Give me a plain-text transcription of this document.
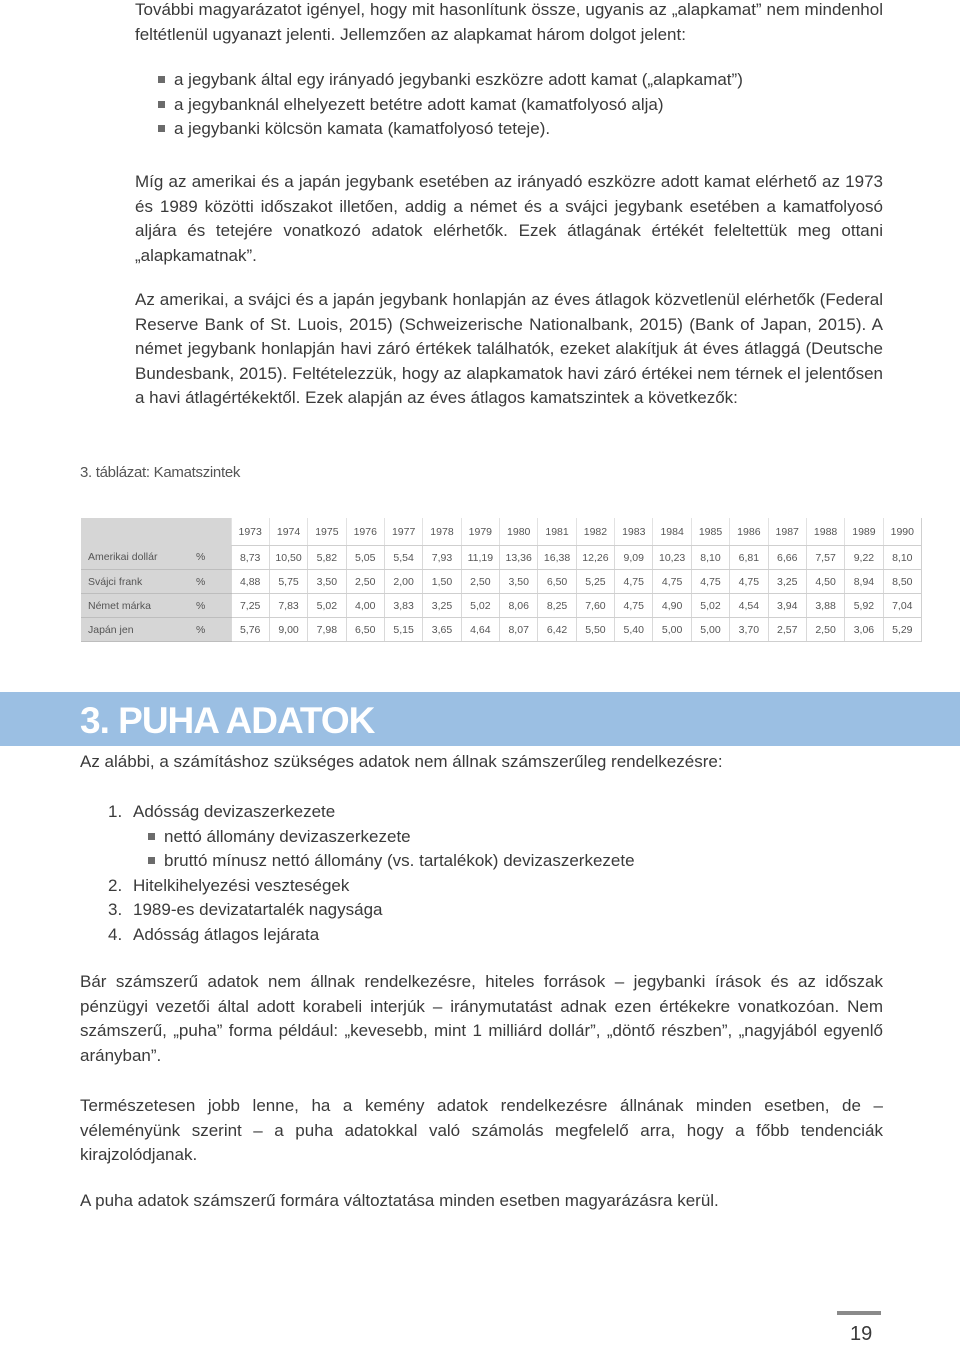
További magyarázatot igényel, hogy mit hasonlítunk össze, ugyanis az „alapkamat” nem mindenhol feltétlenül ugyanazt jelenti. Jellemzően az alapkamat három dolgot jelent:

a jegybank által egy irányadó jegybanki eszközre adott kamat („alapkamat”)
a jegybanknál elhelyezett betétre adott kamat (kamatfolyosó alja)
a jegybanki kölcsön kamata (kamatfolyosó teteje).

Míg az amerikai és a japán jegybank esetében az irányadó eszközre adott kamat elérhető az 1973 és 1989 közötti időszakot illetően, addig a német és a svájci jegybank esetében a kamatfolyosó aljára és tetejére vonatkozó adatok elérhetők. Ezek átlagának értékét feleltettük meg ottani „alapkamatnak”.

Az amerikai, a svájci és a japán jegybank honlapján az éves átlagok közvetlenül elérhetők (Federal Reserve Bank of St. Luois, 2015) (Schweizerische Nationalbank, 2015) (Bank of Japan, 2015). A német jegybank honlapján havi záró értékek találhatók, ezeket alakítjuk át éves átlaggá (Deutsche Bundesbank, 2015). Feltételezzük, hogy az alapkamatok havi záró értékei nem térnek el jelentősen a havi átlagértékektől. Ezek alapján az éves átlagos kamatszintek a következők:

3. táblázat: Kamatszintek
		1973	1974	1975	1976	1977	1978	1979	1980	1981	1982	1983	1984	1985	1986	1987	1988	1989	1990
Amerikai dollár	%	8,73	10,50	5,82	5,05	5,54	7,93	11,19	13,36	16,38	12,26	9,09	10,23	8,10	6,81	6,66	7,57	9,22	8,10
Svájci frank	%	4,88	5,75	3,50	2,50	2,00	1,50	2,50	3,50	6,50	5,25	4,75	4,75	4,75	4,75	3,25	4,50	8,94	8,50
Német márka	%	7,25	7,83	5,02	4,00	3,83	3,25	5,02	8,06	8,25	7,60	4,75	4,90	5,02	4,54	3,94	3,88	5,92	7,04
Japán jen	%	5,76	9,00	7,98	6,50	5,15	3,65	4,64	8,07	6,42	5,50	5,40	5,00	5,00	3,70	2,57	2,50	3,06	5,29
3. PUHA ADATOK

Az alábbi, a számításhoz szükséges adatok nem állnak számszerűleg rendelkezésre:

1. Adósság devizaszerkezete
nettó állomány devizaszerkezete
bruttó mínusz nettó állomány (vs. tartalékok) devizaszerkezete
2. Hitelkihelyezési veszteségek
3. 1989-es devizatartalék nagysága
4. Adósság átlagos lejárata

Bár számszerű adatok nem állnak rendelkezésre, hiteles források – jegybanki írások és az időszak pénzügyi vezetői által adott korabeli interjúk – iránymutatást adnak ezen értékekre vonatkozóan. Nem számszerű, „puha” forma például: „kevesebb, mint 1 milliárd dollár”, „döntő részben”, „nagyjából egyenlő arányban”.

Természetesen jobb lenne, ha a kemény adatok rendelkezésre állnának minden esetben, de – véleményünk szerint – a puha adatokkal való számolás megfelelő arra, hogy a főbb tendenciák kirajzolódjanak.

A puha adatok számszerű formára változtatása minden esetben magyarázásra kerül.

19
